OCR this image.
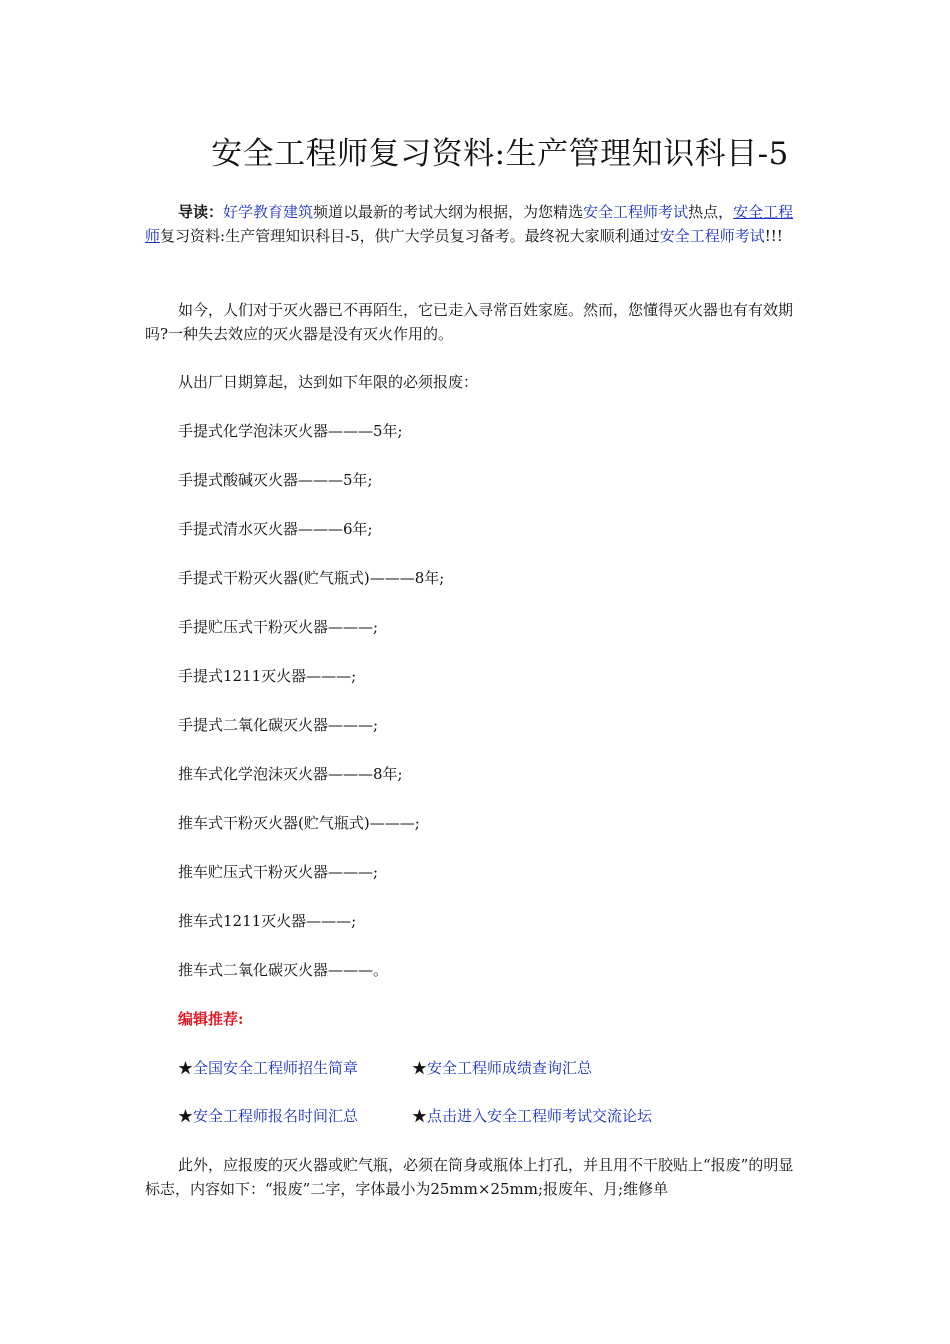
安全工程师复习资料:生产管理知识科目-5

导读：好学教育建筑频道以最新的考试大纲为根据，为您精选安全工程师考试热点，安全工程师复习资料:生产管理知识科目-5，供广大学员复习备考。最终祝大家顺利通过安全工程师考试!!!

如今，人们对于灭火器已不再陌生，它已走入寻常百姓家庭。然而，您懂得灭火器也有有效期吗?一种失去效应的灭火器是没有灭火作用的。

从出厂日期算起，达到如下年限的必须报废：

手提式化学泡沫灭火器———5年;

手提式酸碱灭火器———5年;

手提式清水灭火器———6年;

手提式干粉灭火器(贮气瓶式)———8年;

手提贮压式干粉灭火器———;

手提式1211灭火器———;

手提式二氧化碳灭火器———;

推车式化学泡沫灭火器———8年;

推车式干粉灭火器(贮气瓶式)———;

推车贮压式干粉灭火器———;

推车式1211灭火器———;

推车式二氧化碳灭火器———。

编辑推荐:

★全国安全工程师招生简章	★安全工程师成绩查询汇总
★安全工程师报名时间汇总	★点击进入安全工程师考试交流论坛

此外，应报废的灭火器或贮气瓶，必须在筒身或瓶体上打孔，并且用不干胶贴上“报废”的明显标志，内容如下：“报废”二字，字体最小为25mm×25mm;报废年、月;维修单
